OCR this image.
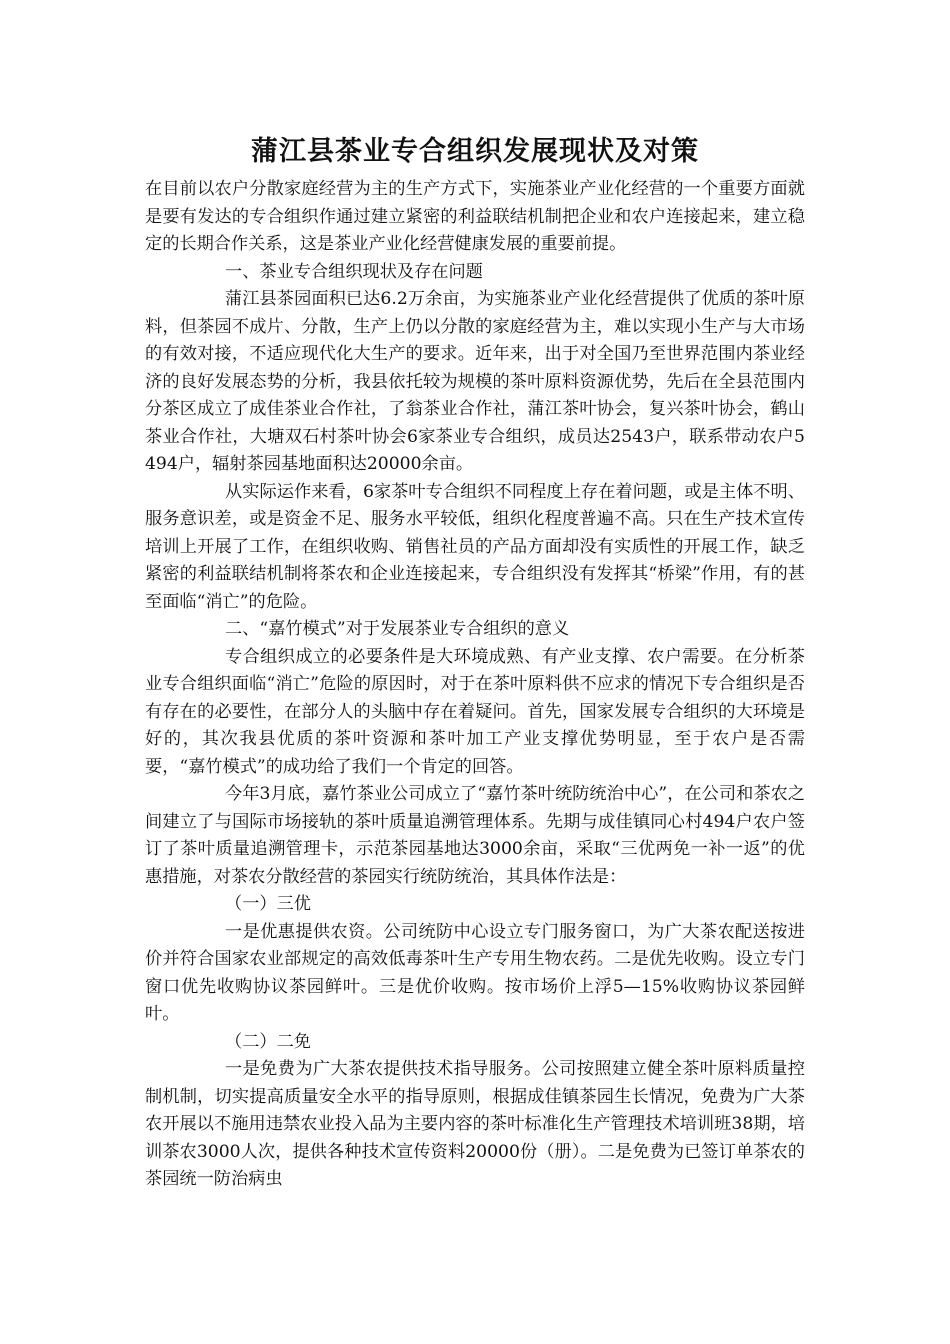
蒲江县茶业专合组织发展现状及对策

在目前以农户分散家庭经营为主的生产方式下，实施茶业产业化经营的一个重要方面就是要有发达的专合组织作通过建立紧密的利益联结机制把企业和农户连接起来，建立稳定的长期合作关系，这是茶业产业化经营健康发展的重要前提。

一、茶业专合组织现状及存在问题

蒲江县茶园面积已达6.2万余亩，为实施茶业产业化经营提供了优质的茶叶原料，但茶园不成片、分散，生产上仍以分散的家庭经营为主，难以实现小生产与大市场的有效对接，不适应现代化大生产的要求。近年来，出于对全国乃至世界范围内茶业经济的良好发展态势的分析，我县依托较为规模的茶叶原料资源优势，先后在全县范围内分茶区成立了成佳茶业合作社，了翁茶业合作社，蒲江茶叶协会，复兴茶叶协会，鹤山茶业合作社，大塘双石村茶叶协会6家茶业专合组织，成员达2543户，联系带动农户5494户，辐射茶园基地面积达20000余亩。

从实际运作来看，6家茶叶专合组织不同程度上存在着问题，或是主体不明、服务意识差，或是资金不足、服务水平较低，组织化程度普遍不高。只在生产技术宣传培训上开展了工作，在组织收购、销售社员的产品方面却没有实质性的开展工作，缺乏紧密的利益联结机制将茶农和企业连接起来，专合组织没有发挥其“桥梁”作用，有的甚至面临“消亡”的危险。

二、“嘉竹模式”对于发展茶业专合组织的意义

专合组织成立的必要条件是大环境成熟、有产业支撑、农户需要。在分析茶业专合组织面临“消亡”危险的原因时，对于在茶叶原料供不应求的情况下专合组织是否有存在的必要性，在部分人的头脑中存在着疑问。首先，国家发展专合组织的大环境是好的，其次我县优质的茶叶资源和茶叶加工产业支撑优势明显，至于农户是否需要，“嘉竹模式”的成功给了我们一个肯定的回答。

今年3月底，嘉竹茶业公司成立了“嘉竹茶叶统防统治中心”，在公司和茶农之间建立了与国际市场接轨的茶叶质量追溯管理体系。先期与成佳镇同心村494户农户签订了茶叶质量追溯管理卡，示范茶园基地达3000余亩，采取“三优两免一补一返”的优惠措施，对茶农分散经营的茶园实行统防统治，其具体作法是：

（一）三优

一是优惠提供农资。公司统防中心设立专门服务窗口，为广大茶农配送按进价并符合国家农业部规定的高效低毒茶叶生产专用生物农药。二是优先收购。设立专门窗口优先收购协议茶园鲜叶。三是优价收购。按市场价上浮5—15%收购协议茶园鲜叶。

（二）二免

一是免费为广大茶农提供技术指导服务。公司按照建立健全茶叶原料质量控制机制，切实提高质量安全水平的指导原则，根据成佳镇茶园生长情况，免费为广大茶农开展以不施用违禁农业投入品为主要内容的茶叶标准化生产管理技术培训班38期，培训茶农3000人次，提供各种技术宣传资料20000份（册）。二是免费为已签订单茶农的茶园统一防治病虫
